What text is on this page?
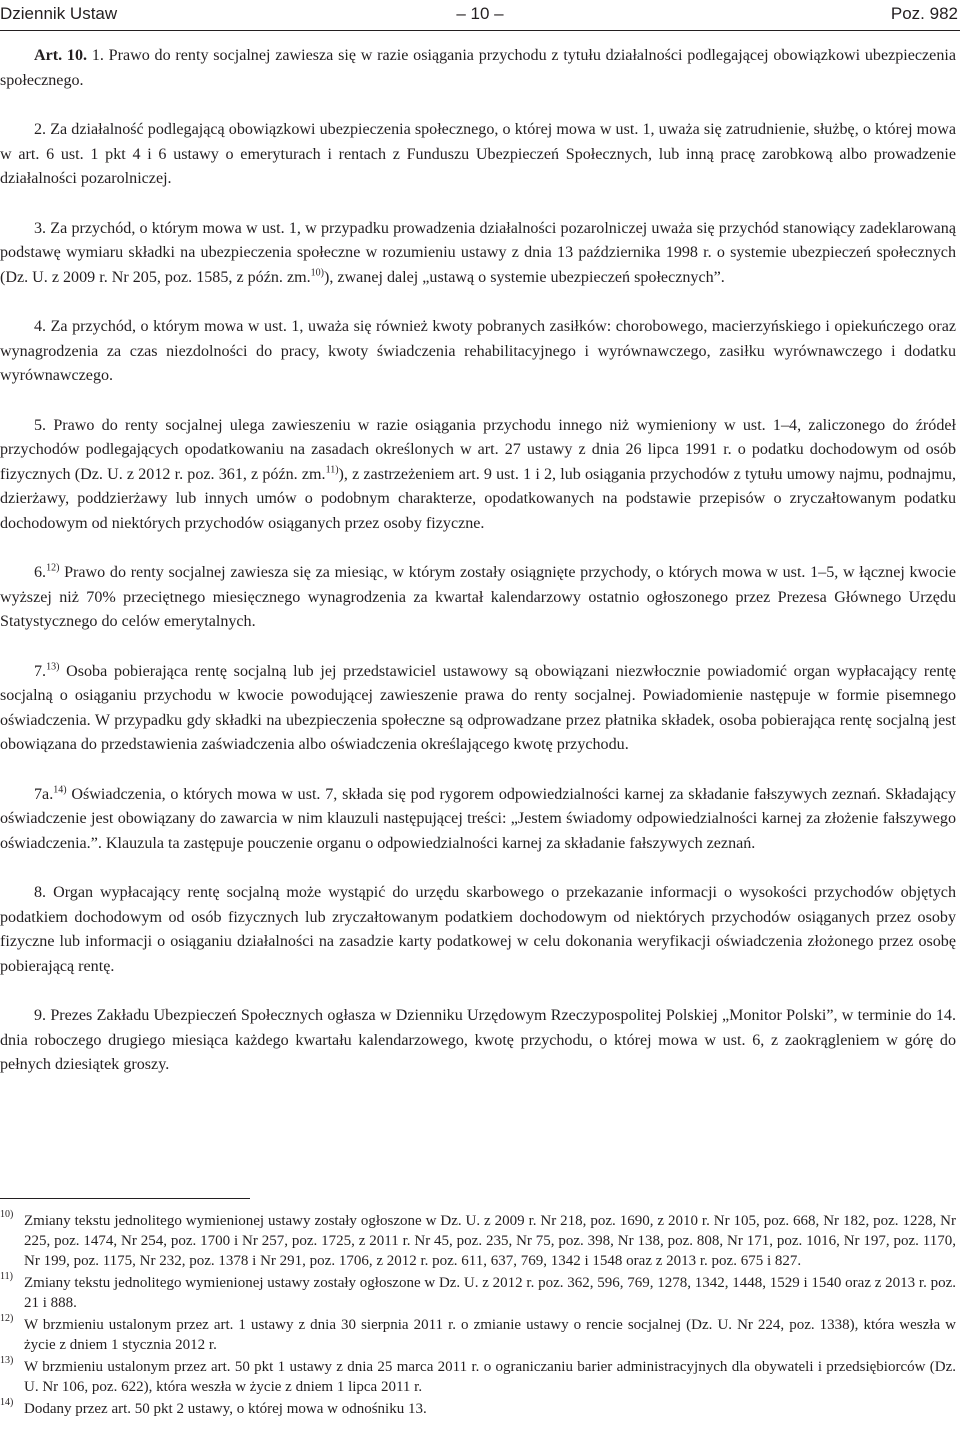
Dziennik Ustaw	– 10 –	Poz. 982

Art. 10. 1. Prawo do renty socjalnej zawiesza się w razie osiągania przychodu z tytułu działalności podlegającej obowiązkowi ubezpieczenia społecznego.

2. Za działalność podlegającą obowiązkowi ubezpieczenia społecznego, o której mowa w ust. 1, uważa się zatrudnienie, służbę, o której mowa w art. 6 ust. 1 pkt 4 i 6 ustawy o emeryturach i rentach z Funduszu Ubezpieczeń Społecznych, lub inną pracę zarobkową albo prowadzenie działalności pozarolniczej.

3. Za przychód, o którym mowa w ust. 1, w przypadku prowadzenia działalności pozarolniczej uważa się przychód stanowiący zadeklarowaną podstawę wymiaru składki na ubezpieczenia społeczne w rozumieniu ustawy z dnia 13 października 1998 r. o systemie ubezpieczeń społecznych (Dz. U. z 2009 r. Nr 205, poz. 1585, z późn. zm.$^{10)}$), zwanej dalej „ustawą o systemie ubezpieczeń społecznych”.

4. Za przychód, o którym mowa w ust. 1, uważa się również kwoty pobranych zasiłków: chorobowego, macierzyńskiego i opiekuńczego oraz wynagrodzenia za czas niezdolności do pracy, kwoty świadczenia rehabilitacyjnego i wyrównawczego, zasiłku wyrównawczego i dodatku wyrównawczego.

5. Prawo do renty socjalnej ulega zawieszeniu w razie osiągania przychodu innego niż wymieniony w ust. 1–4, zaliczonego do źródeł przychodów podlegających opodatkowaniu na zasadach określonych w art. 27 ustawy z dnia 26 lipca 1991 r. o podatku dochodowym od osób fizycznych (Dz. U. z 2012 r. poz. 361, z późn. zm.$^{11)}$), z zastrzeżeniem art. 9 ust. 1 i 2, lub osiągania przychodów z tytułu umowy najmu, podnajmu, dzierżawy, poddzierżawy lub innych umów o podobnym charakterze, opodatkowanych na podstawie przepisów o zryczałtowanym podatku dochodowym od niektórych przychodów osiąganych przez osoby fizyczne.

6.$^{12)}$ Prawo do renty socjalnej zawiesza się za miesiąc, w którym zostały osiągnięte przychody, o których mowa w ust. 1–5, w łącznej kwocie wyższej niż 70% przeciętnego miesięcznego wynagrodzenia za kwartał kalendarzowy ostatnio ogłoszonego przez Prezesa Głównego Urzędu Statystycznego do celów emerytalnych.

7.$^{13)}$ Osoba pobierająca rentę socjalną lub jej przedstawiciel ustawowy są obowiązani niezwłocznie powiadomić organ wypłacający rentę socjalną o osiąganiu przychodu w kwocie powodującej zawieszenie prawa do renty socjalnej. Powiadomienie następuje w formie pisemnego oświadczenia. W przypadku gdy składki na ubezpieczenia społeczne są odprowadzane przez płatnika składek, osoba pobierająca rentę socjalną jest obowiązana do przedstawienia zaświadczenia albo oświadczenia określającego kwotę przychodu.

7a.$^{14)}$ Oświadczenia, o których mowa w ust. 7, składa się pod rygorem odpowiedzialności karnej za składanie fałszywych zeznań. Składający oświadczenie jest obowiązany do zawarcia w nim klauzuli następującej treści: „Jestem świadomy odpowiedzialności karnej za złożenie fałszywego oświadczenia.”. Klauzula ta zastępuje pouczenie organu o odpowiedzialności karnej za składanie fałszywych zeznań.

8. Organ wypłacający rentę socjalną może wystąpić do urzędu skarbowego o przekazanie informacji o wysokości przychodów objętych podatkiem dochodowym od osób fizycznych lub zryczałtowanym podatkiem dochodowym od niektórych przychodów osiąganych przez osoby fizyczne lub informacji o osiąganiu działalności na zasadzie karty podatkowej w celu dokonania weryfikacji oświadczenia złożonego przez osobę pobierającą rentę.

9. Prezes Zakładu Ubezpieczeń Społecznych ogłasza w Dzienniku Urzędowym Rzeczypospolitej Polskiej „Monitor Polski”, w terminie do 14. dnia roboczego drugiego miesiąca każdego kwartału kalendarzowego, kwotę przychodu, o której mowa w ust. 6, z zaokrągleniem w górę do pełnych dziesiątek groszy.

10) Zmiany tekstu jednolitego wymienionej ustawy zostały ogłoszone w Dz. U. z 2009 r. Nr 218, poz. 1690, z 2010 r. Nr 105, poz. 668, Nr 182, poz. 1228, Nr 225, poz. 1474, Nr 254, poz. 1700 i Nr 257, poz. 1725, z 2011 r. Nr 45, poz. 235, Nr 75, poz. 398, Nr 138, poz. 808, Nr 171, poz. 1016, Nr 197, poz. 1170, Nr 199, poz. 1175, Nr 232, poz. 1378 i Nr 291, poz. 1706, z 2012 r. poz. 611, 637, 769, 1342 i 1548 oraz z 2013 r. poz. 675 i 827.
11) Zmiany tekstu jednolitego wymienionej ustawy zostały ogłoszone w Dz. U. z 2012 r. poz. 362, 596, 769, 1278, 1342, 1448, 1529 i 1540 oraz z 2013 r. poz. 21 i 888.
12) W brzmieniu ustalonym przez art. 1 ustawy z dnia 30 sierpnia 2011 r. o zmianie ustawy o rencie socjalnej (Dz. U. Nr 224, poz. 1338), która weszła w życie z dniem 1 stycznia 2012 r.
13) W brzmieniu ustalonym przez art. 50 pkt 1 ustawy z dnia 25 marca 2011 r. o ograniczaniu barier administracyjnych dla obywateli i przedsiębiorców (Dz. U. Nr 106, poz. 622), która weszła w życie z dniem 1 lipca 2011 r.
14) Dodany przez art. 50 pkt 2 ustawy, o której mowa w odnośniku 13.
